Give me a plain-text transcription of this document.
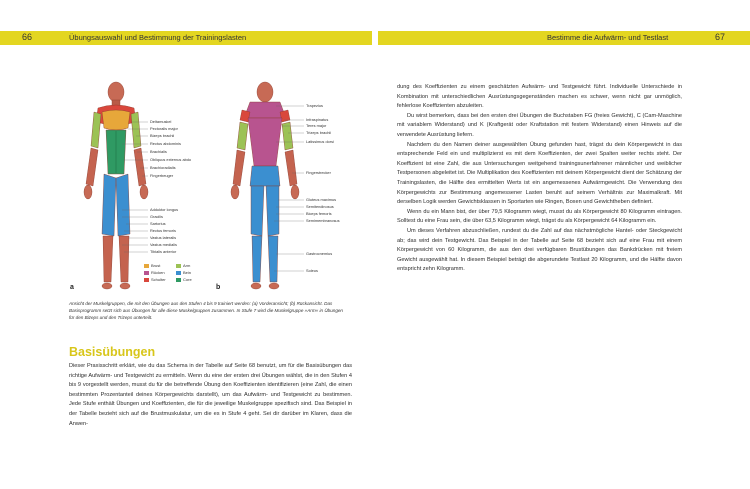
66	Übungsauswahl und Bestimmung der Trainingslasten	Bestimme die Aufwärm- und Testlast	67
Deltamuskel
Pectoralis major
Bizeps brachii
Rectus abdominis
Brachialis
Obliquus externus abdo
Brachioradialis
Fingerbeuger
Adduktor longus
Gracilis
Sartorius
Rectus femoris
Vastus lateralis
Vastus medialis
Tibialis anterior
Trapezius
Infraspinatus
Teres major
Trizeps brachii
Latissimus dorsi
Fingerstrecker
Gluteus maximus
Semitendinosus
Biceps femoris
Semimembranosus
Gastrocnemius
Soleus
a	b
Brust	Arm
Rücken	Bein
Schulter	Core
Ansicht der Muskelgruppen, die mit den Übungen aus den Stufen 4 bis 9 trainiert werden: (a) Vorderansicht; (b) Rückansicht. Das Basisprogramm setzt sich aus Übungen für alle diese Muskelgruppen zusammen. In Stufe 7 wird die Muskelgruppe »Arm« in Übungen für den Bizeps und den Trizeps unterteilt.
Basisübungen
Dieser Praxisschritt erklärt, wie du das Schema in der Tabelle auf Seite 68 benutzt, um für die Basisübungen das richtige Aufwärm- und Testgewicht zu ermitteln. Wenn du eine der ersten drei Übungen wählst, die in den Stufen 4 bis 9 vorgestellt werden, musst du für die betreffende Übung den Koeffizienten identifizieren (eine Zahl, die einen bestimmten Prozentanteil deines Körpergewichts darstellt), um das Aufwärm- und Testgewicht zu bestimmen. Jede Stufe enthält Übungen und Koeffizienten, die für die jeweilige Muskelgruppe spezifisch sind. Das Beispiel in der Tabelle bezieht sich auf die Brustmuskulatur, um die es in Stufe 4 geht. Sei dir darüber im Klaren, dass die Anwen-

dung des Koeffizienten zu einem geschätzten Aufwärm- und Testgewicht führt. Individuelle Unterschiede in Kombination mit unterschiedlichen Ausrüstungsgegenständen machen es schwer, wenn nicht gar unmöglich, fehlerlose Koeffizienten abzuleiten.

Du wirst bemerken, dass bei den ersten drei Übungen die Buchstaben FG (freies Gewicht), C (Cam-Maschine mit variablem Widerstand) und K (Kraftgerät oder Kraftstation mit festem Widerstand) einen Hinweis auf die verwendete Ausrüstung liefern.

Nachdem du den Namen deiner ausgewählten Übung gefunden hast, trägst du dein Körpergewicht in das entsprechende Feld ein und multiplizierst es mit dem Koeffizienten, der zwei Spalten weiter rechts steht. Der Koeffizient ist eine Zahl, die aus Untersuchungen weitgehend trainingsunerfahrener männlicher und weiblicher Testpersonen abgeleitet ist. Die Multiplikation des Koeffizienten mit deinem Körpergewicht dient der Schätzung der Trainingslasten, die Hälfte des ermittelten Werts ist ein angemessenes Aufwärmgewicht. Die Verwendung des Körpergewichts zur Bestimmung angemessener Lasten beruht auf seinem Verhältnis zur Maximalkraft. Mit derselben Logik werden Gewichtsklassen in Sportarten wie Ringen, Boxen und Gewichtheben definiert.

Wenn du ein Mann bist, der über 79,5 Kilogramm wiegt, musst du als Körpergewicht 80 Kilogramm eintragen. Solltest du eine Frau sein, die über 63,5 Kilogramm wiegt, trägst du als Körpergewicht 64 Kilogramm ein.

Um dieses Verfahren abzuschließen, rundest du die Zahl auf das nächstmögliche Hantel- oder Steckgewicht ab; das wird dein Testgewicht. Das Beispiel in der Tabelle auf Seite 68 bezieht sich auf eine Frau mit einem Körpergewicht von 60 Kilogramm, die aus den drei verfügbaren Brustübungen das Bankdrücken mit freiem Gewicht ausgewählt hat. In diesem Beispiel beträgt die abgerundete Testlast 20 Kilogramm, und die Hälfte davon entspricht zehn Kilogramm.
